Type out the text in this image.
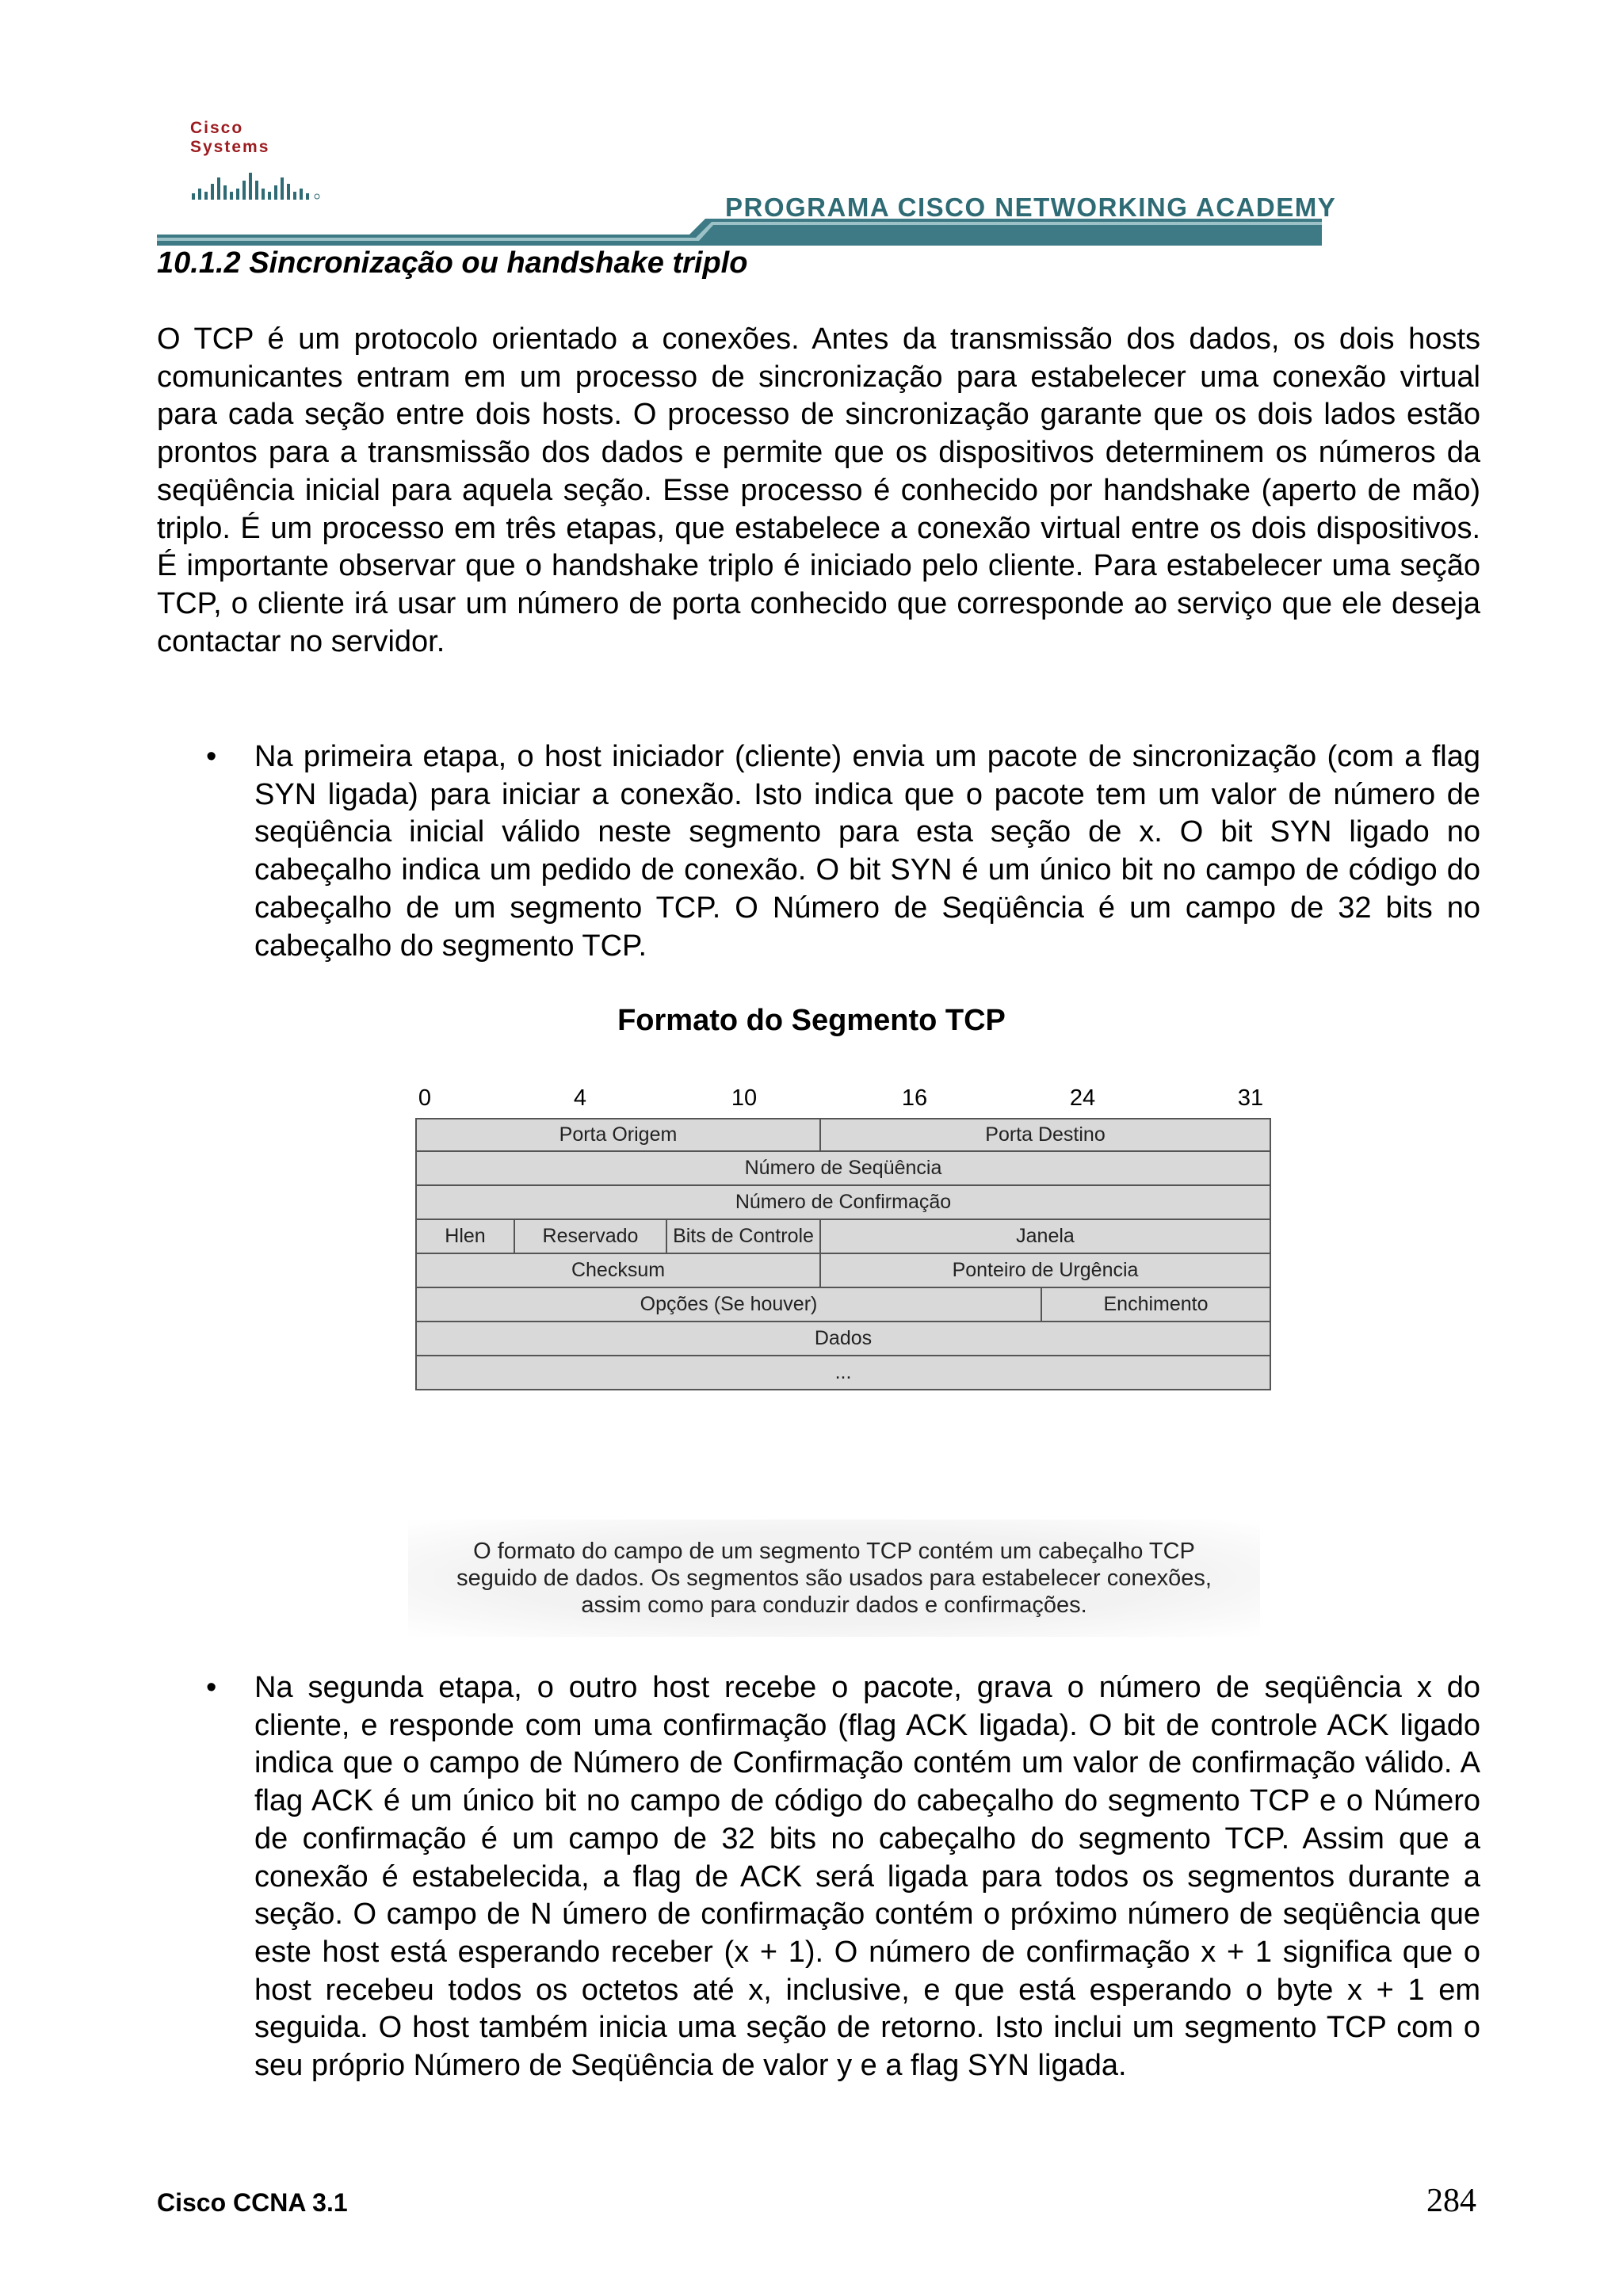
Cisco Systems
PROGRAMA CISCO NETWORKING ACADEMY
10.1.2 Sincronização ou handshake triplo

O TCP é um protocolo orientado a conexões. Antes da transmissão dos dados, os dois hosts comunicantes entram em um processo de sincronização para estabelecer uma conexão virtual para cada seção entre dois hosts. O processo de sincronização garante que os dois lados estão prontos para a transmissão dos dados e permite que os dispositivos determinem os números da seqüência inicial para aquela seção. Esse processo é conhecido por handshake (aperto de mão) triplo. É um processo em três etapas, que estabelece a conexão virtual entre os dois dispositivos. É importante observar que o handshake triplo é iniciado pelo cliente. Para estabelecer uma seção TCP, o cliente irá usar um número de porta conhecido que corresponde ao serviço que ele deseja contactar no servidor.

• Na primeira etapa, o host iniciador (cliente) envia um pacote de sincronização (com a flag SYN ligada) para iniciar a conexão. Isto indica que o pacote tem um valor de número de seqüência inicial válido neste segmento para esta seção de x. O bit SYN ligado no cabeçalho indica um pedido de conexão. O bit SYN é um único bit no campo de código do cabeçalho de um segmento TCP. O Número de Seqüência é um campo de 32 bits no cabeçalho do segmento TCP.

Formato do Segmento TCP
0	4	10	16	24	31
Porta Origem	Porta Destino
Número de Seqüência
Número de Confirmação
Hlen	Reservado	Bits de Controle	Janela
Checksum	Ponteiro de Urgência
Opções (Se houver)	Enchimento
Dados
...
O formato do campo de um segmento TCP contém um cabeçalho TCP seguido de dados. Os segmentos são usados para estabelecer conexões, assim como para conduzir dados e confirmações.
• Na segunda etapa, o outro host recebe o pacote, grava o número de seqüência x do cliente, e responde com uma confirmação (flag ACK ligada). O bit de controle ACK ligado indica que o campo de Número de Confirmação contém um valor de confirmação válido. A flag ACK é um único bit no campo de código do cabeçalho do segmento TCP e o Número de confirmação é um campo de 32 bits no cabeçalho do segmento TCP. Assim que a conexão é estabelecida, a flag de ACK será ligada para todos os segmentos durante a seção. O campo de N úmero de confirmação contém o próximo número de seqüência que este host está esperando receber (x + 1). O número de confirmação x + 1 significa que o host recebeu todos os octetos até x, inclusive, e que está esperando o byte x + 1 em seguida. O host também inicia uma seção de retorno. Isto inclui um segmento TCP com o seu próprio Número de Seqüência de valor y e a flag SYN ligada.

Cisco CCNA 3.1	284
